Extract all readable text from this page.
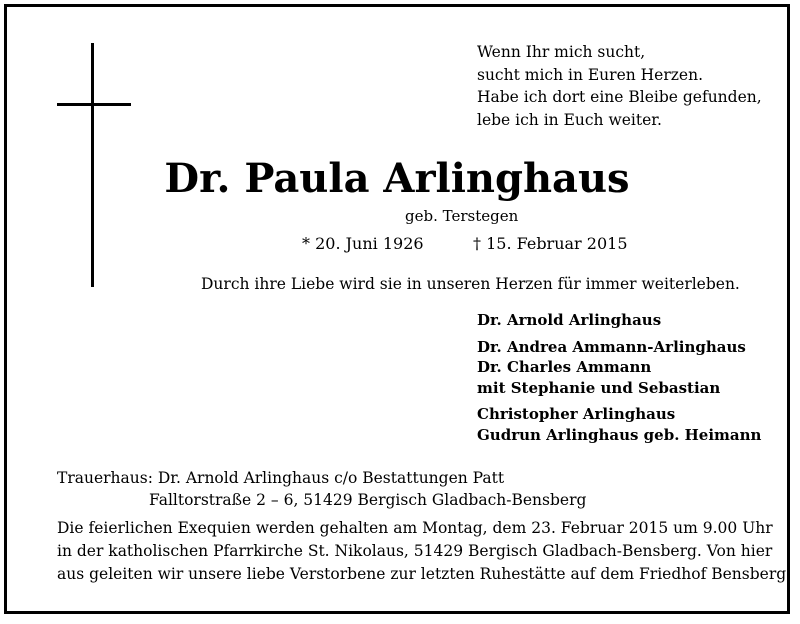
Wenn Ihr mich sucht,
sucht mich in Euren Herzen.
Habe ich dort eine Bleibe gefunden,
lebe ich in Euch weiter.
Dr. Paula Arlinghaus
geb. Terstegen
* 20. Juni 1926	† 15. Februar 2015
Durch ihre Liebe wird sie in unseren Herzen für immer weiterleben.
Dr. Arnold Arlinghaus
Dr. Andrea Ammann-Arlinghaus
Dr. Charles Ammann
mit Stephanie und Sebastian
Christopher Arlinghaus
Gudrun Arlinghaus geb. Heimann
Trauerhaus: Dr. Arnold Arlinghaus c/o Bestattungen Patt
Falltorstraße 2 – 6, 51429 Bergisch Gladbach-Bensberg
Die feierlichen Exequien werden gehalten am Montag, dem 23. Februar 2015 um 9.00 Uhr
in der katholischen Pfarrkirche St. Nikolaus, 51429 Bergisch Gladbach-Bensberg. Von hier
aus geleiten wir unsere liebe Verstorbene zur letzten Ruhestätte auf dem Friedhof Bensberg.
